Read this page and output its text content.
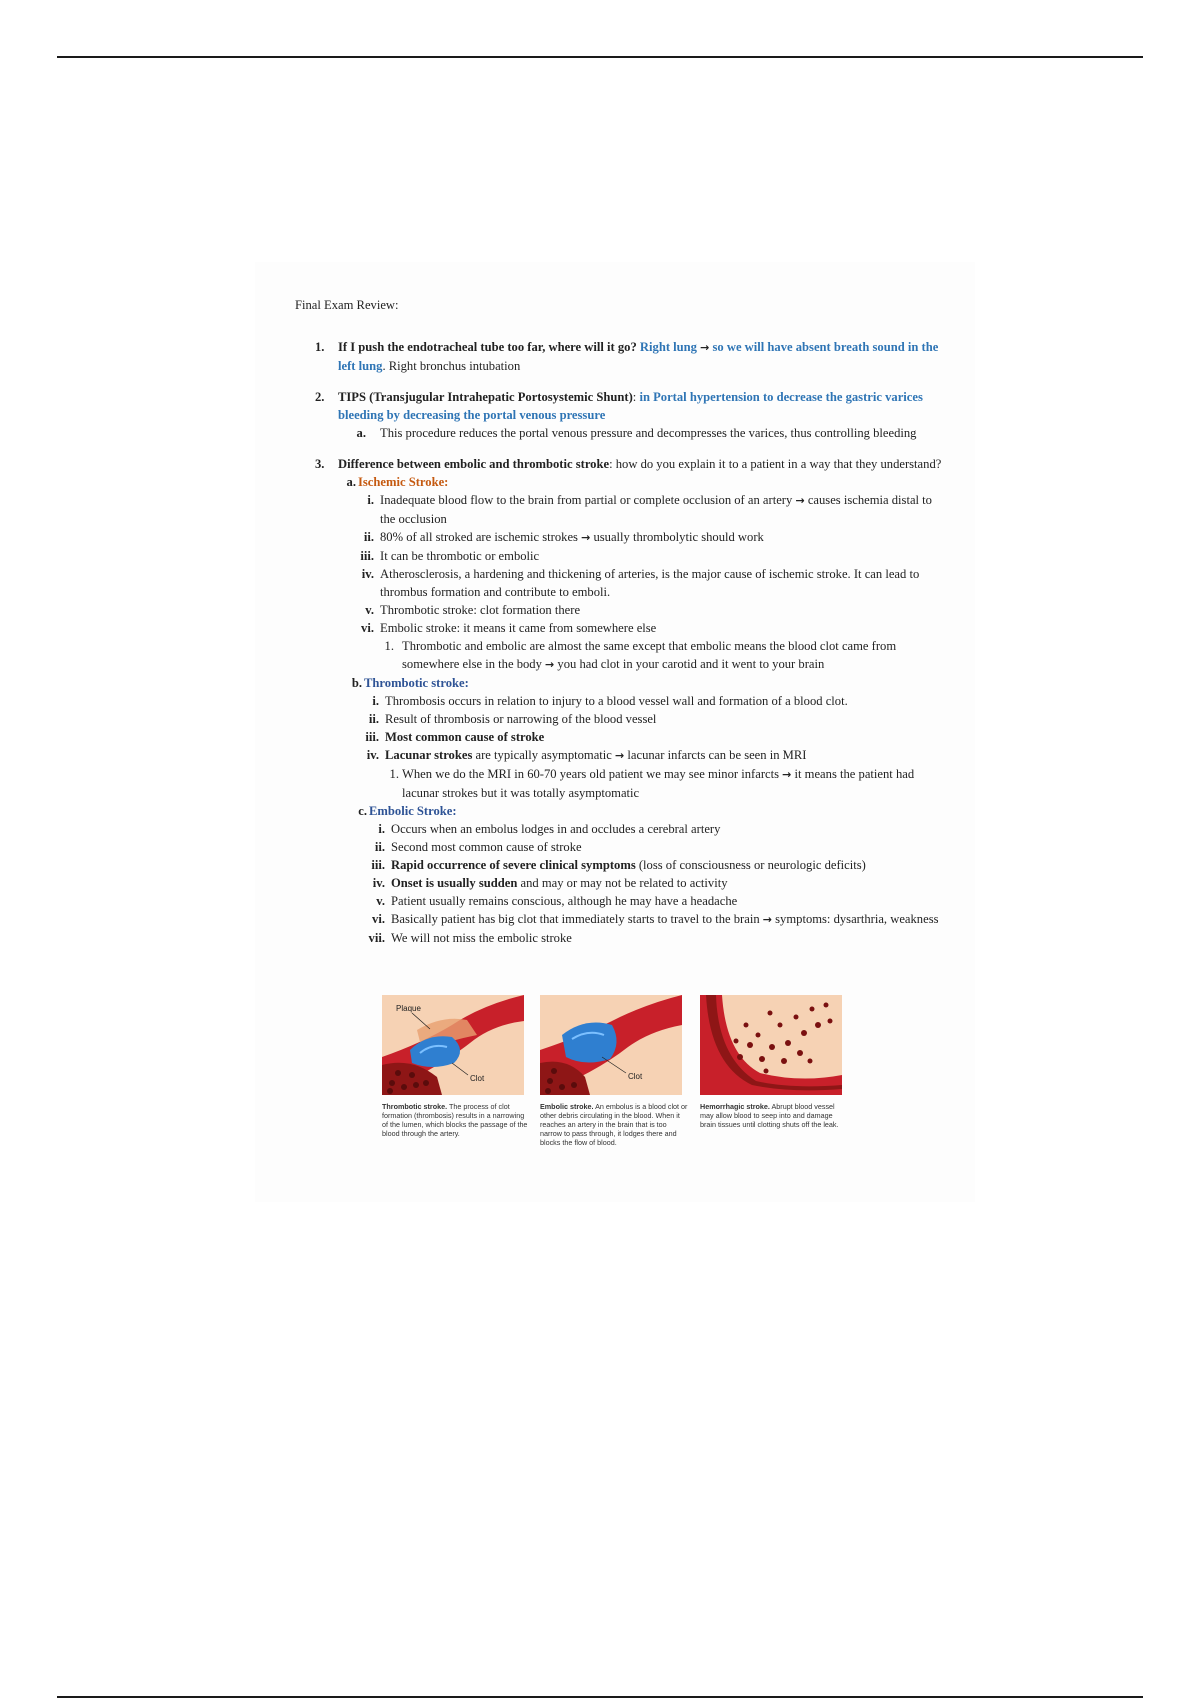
Final Exam Review:
1. If I push the endotracheal tube too far, where will it go? Right lung → so we will have absent breath sound in the left lung. Right bronchus intubation
2. TIPS (Transjugular Intrahepatic Portosystemic Shunt): in Portal hypertension to decrease the gastric varices bleeding by decreasing the portal venous pressure
a. This procedure reduces the portal venous pressure and decompresses the varices, thus controlling bleeding
3. Difference between embolic and thrombotic stroke: how do you explain it to a patient in a way that they understand?
a. Ischemic Stroke:
i. Inadequate blood flow to the brain from partial or complete occlusion of an artery → causes ischemia distal to the occlusion
ii. 80% of all stroked are ischemic strokes → usually thrombolytic should work
iii. It can be thrombotic or embolic
iv. Atherosclerosis, a hardening and thickening of arteries, is the major cause of ischemic stroke. It can lead to thrombus formation and contribute to emboli.
v. Thrombotic stroke: clot formation there
vi. Embolic stroke: it means it came from somewhere else
1. Thrombotic and embolic are almost the same except that embolic means the blood clot came from somewhere else in the body → you had clot in your carotid and it went to your brain
b. Thrombotic stroke:
i. Thrombosis occurs in relation to injury to a blood vessel wall and formation of a blood clot.
ii. Result of thrombosis or narrowing of the blood vessel
iii. Most common cause of stroke
iv. Lacunar strokes are typically asymptomatic → lacunar infarcts can be seen in MRI
1. When we do the MRI in 60-70 years old patient we may see minor infarcts → it means the patient had lacunar strokes but it was totally asymptomatic
c. Embolic Stroke:
i. Occurs when an embolus lodges in and occludes a cerebral artery
ii. Second most common cause of stroke
iii. Rapid occurrence of severe clinical symptoms (loss of consciousness or neurologic deficits)
iv. Onset is usually sudden and may or may not be related to activity
v. Patient usually remains conscious, although he may have a headache
vi. Basically patient has big clot that immediately starts to travel to the brain → symptoms: dysarthria, weakness
vii. We will not miss the embolic stroke
Plaque
Clot	Clot
Thrombotic stroke. The process of clot formation (thrombosis) results in a narrowing of the lumen, which blocks the passage of the blood through the artery.
Embolic stroke. An embolus is a blood clot or other debris circulating in the blood. When it reaches an artery in the brain that is too narrow to pass through, it lodges there and blocks the flow of blood.
Hemorrhagic stroke. Abrupt blood vessel may allow blood to seep into and damage brain tissues until clotting shuts off the leak.
